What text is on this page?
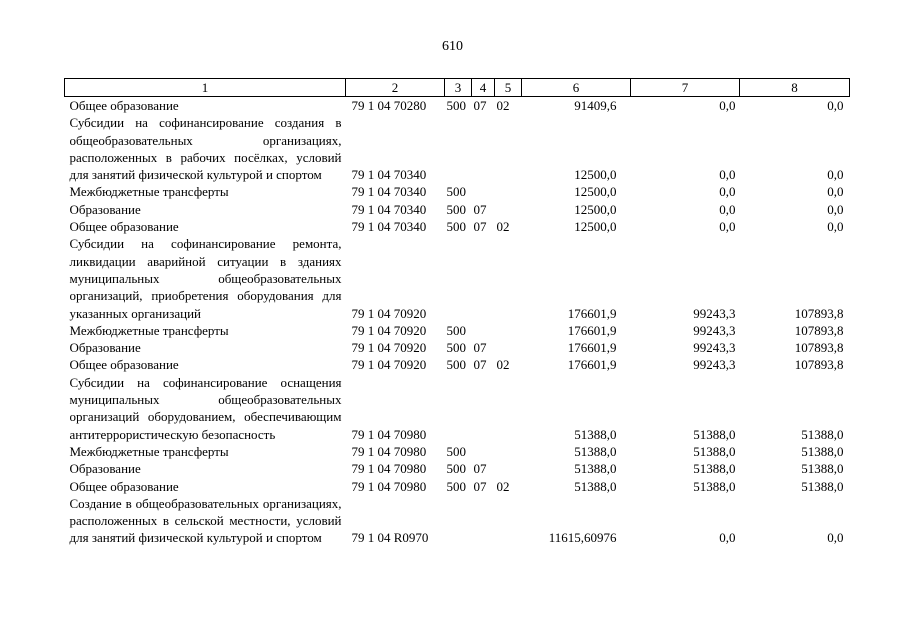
610
1	2	3	4	5	6	7	8
Общее образование	79 1 04 70280	500	07	02	91409,6	0,0	0,0
Субсидии на софинансирование создания в общеобразовательных организациях, расположенных в рабочих посёлках, условий для занятий физической культурой и спортом	79 1 04 70340				12500,0	0,0	0,0
Межбюджетные трансферты	79 1 04 70340	500			12500,0	0,0	0,0
Образование	79 1 04 70340	500	07		12500,0	0,0	0,0
Общее образование	79 1 04 70340	500	07	02	12500,0	0,0	0,0
Субсидии на софинансирование ремонта, ликвидации аварийной ситуации в зданиях муниципальных общеобразовательных организаций, приобретения оборудования для указанных организаций	79 1 04 70920				176601,9	99243,3	107893,8
Межбюджетные трансферты	79 1 04 70920	500			176601,9	99243,3	107893,8
Образование	79 1 04 70920	500	07		176601,9	99243,3	107893,8
Общее образование	79 1 04 70920	500	07	02	176601,9	99243,3	107893,8
Субсидии на софинансирование оснащения муниципальных общеобразовательных организаций оборудованием, обеспечивающим антитеррористическую безопасность	79 1 04 70980				51388,0	51388,0	51388,0
Межбюджетные трансферты	79 1 04 70980	500			51388,0	51388,0	51388,0
Образование	79 1 04 70980	500	07		51388,0	51388,0	51388,0
Общее образование	79 1 04 70980	500	07	02	51388,0	51388,0	51388,0
Создание в общеобразовательных организациях, расположенных в сельской местности, условий для занятий физической культурой и спортом	79 1 04 R0970				11615,60976	0,0	0,0
